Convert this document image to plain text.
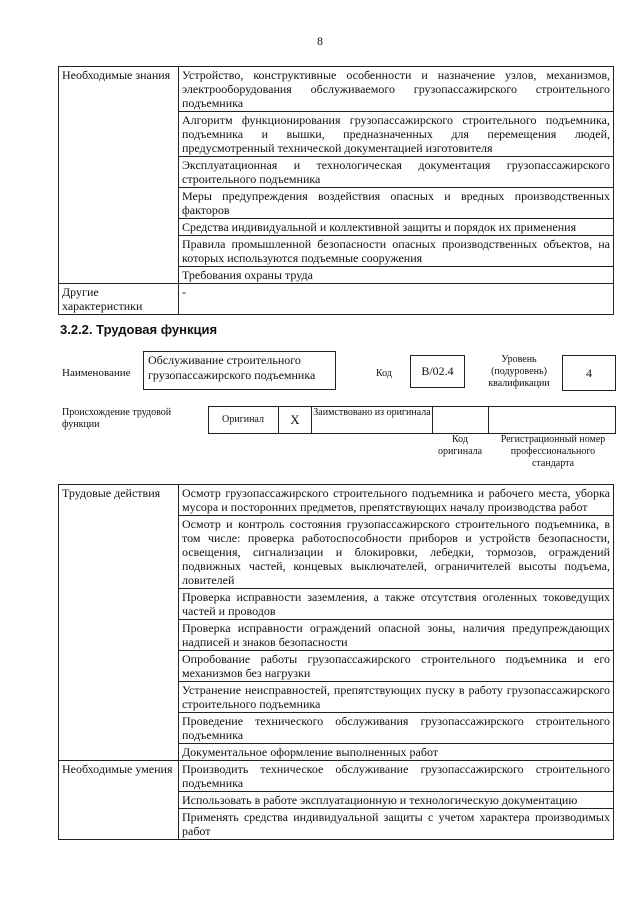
8
Необходимые знания	Устройство, конструктивные особенности и назначение узлов, механизмов, электрооборудования обслуживаемого грузопассажирского строительного подъемника
	Алгоритм функционирования грузопассажирского строительного подъемника, подъемника и вышки, предназначенных для перемещения людей, предусмотренный технической документацией изготовителя
	Эксплуатационная и технологическая документация грузопассажирского строительного подъемника
	Меры предупреждения воздействия опасных и вредных производственных факторов
	Средства индивидуальной и коллективной защиты и порядок их применения
	Правила промышленной безопасности опасных производственных объектов, на которых используются подъемные сооружения
	Требования охраны труда
Другие характеристики	-
3.2.2. Трудовая функция
Наименование
Обслуживание строительного грузопассажирского подъемника	Код	B/02.4
Уровень (подуровень) квалификации
4
Происхождение трудовой функции	Оригинал	X	Заимствовано из оригинала
Код оригинала
Регистрационный номер профессионального стандарта
Трудовые действия	Осмотр грузопассажирского строительного подъемника и рабочего места, уборка мусора и посторонних предметов, препятствующих началу производства работ
	Осмотр и контроль состояния грузопассажирского строительного подъемника, в том числе: проверка работоспособности приборов и устройств безопасности, освещения, сигнализации и блокировки, лебедки, тормозов, ограждений подвижных частей, концевых выключателей, ограничителей высоты подъема, ловителей
	Проверка исправности заземления, а также отсутствия оголенных токоведущих частей и проводов
	Проверка исправности ограждений опасной зоны, наличия предупреждающих надписей и знаков безопасности
	Опробование работы грузопассажирского строительного подъемника и его механизмов без нагрузки
	Устранение неисправностей, препятствующих пуску в работу грузопассажирского строительного подъемника
	Проведение технического обслуживания грузопассажирского строительного подъемника
	Документальное оформление выполненных работ
Необходимые умения	Производить техническое обслуживание грузопассажирского строительного подъемника
	Использовать в работе эксплуатационную и технологическую документацию
	Применять средства индивидуальной защиты с учетом характера производимых работ
